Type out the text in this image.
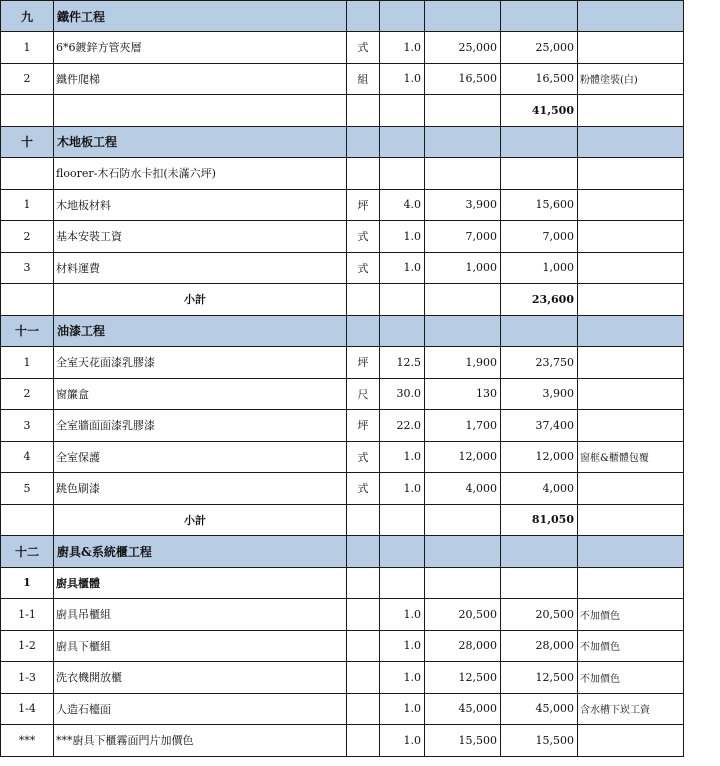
九	鐵件工程					
1	6*6鍍鋅方管夾層	式	1.0	25,000	25,000	
2	鐵件爬梯	組	1.0	16,500	16,500	粉體塗裝(白)
					41,500	
十	木地板工程					
	floorer-木石防水卡扣(未滿六坪)					
1	木地板材料	坪	4.0	3,900	15,600	
2	基本安裝工資	式	1.0	7,000	7,000	
3	材料運費	式	1.0	1,000	1,000	
	小計				23,600	
十一	油漆工程					
1	全室天花面漆乳膠漆	坪	12.5	1,900	23,750	
2	窗簾盒	尺	30.0	130	3,900	
3	全室牆面面漆乳膠漆	坪	22.0	1,700	37,400	
4	全室保護	式	1.0	12,000	12,000	窗框&櫃體包覆
5	跳色刷漆	式	1.0	4,000	4,000	
	小計				81,050	
十二	廚具&系統櫃工程					
1	廚具櫃體					
1-1	廚具吊櫃組		1.0	20,500	20,500	不加價色
1-2	廚具下櫃組		1.0	28,000	28,000	不加價色
1-3	洗衣機開放櫃		1.0	12,500	12,500	不加價色
1-4	人造石檯面		1.0	45,000	45,000	含水槽下崁工資
***	***廚具下櫃霧面門片加價色		1.0	15,500	15,500	
